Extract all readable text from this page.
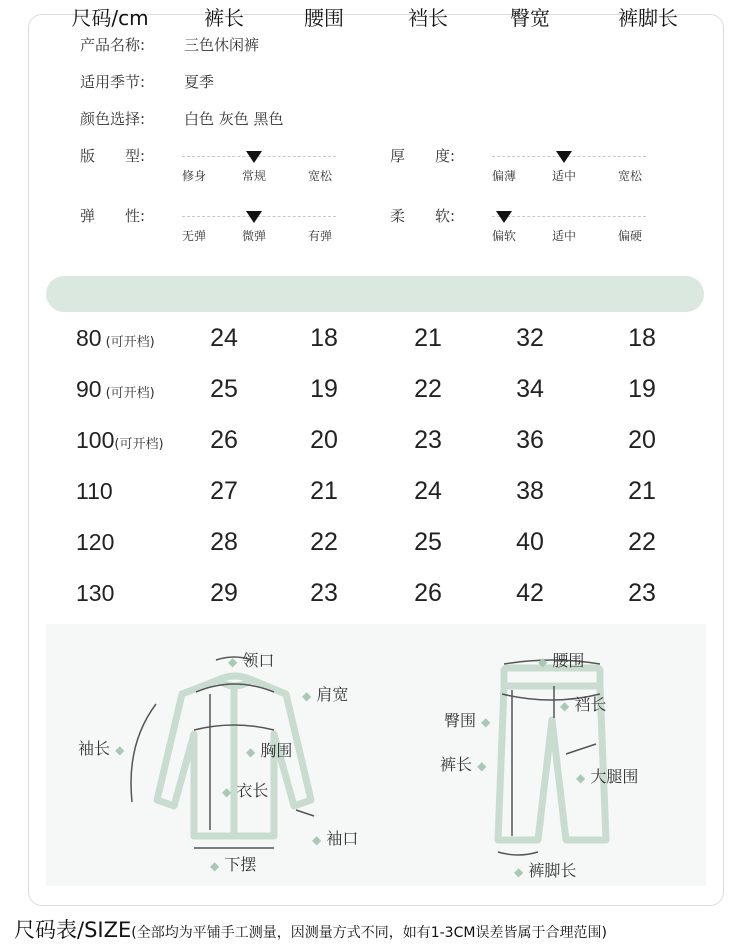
产品名称:	三色休闲裤
适用季节:	夏季
颜色选择:	白色 灰色 黑色
版　　型:
修身	常规	宽松
厚　　度:
偏薄	适中	宽松
弹　　性:
无弹	微弹	有弹
柔　　软:
偏软	适中	偏硬
尺码/cm	裤长	腰围	裆长	臀宽	裤脚长
80 (可开档)	24	18	21	32	18
90 (可开档)	25	19	22	34	19
100(可开档)	26	20	23	36	20
110	27	21	24	38	21
120	28	22	25	40	22
130	29	23	26	42	23
◆ 领口
◆ 肩宽
袖长 ◆	◆ 胸围
◆ 衣长
◆ 袖口
◆ 下摆
◆ 腰围
臀围 ◆
◆ 裆长
裤长 ◆
◆ 大腿围
◆ 裤脚长
尺码表/SIZE(全部均为平铺手工测量，因测量方式不同，如有1-3CM误差皆属于合理范围)
